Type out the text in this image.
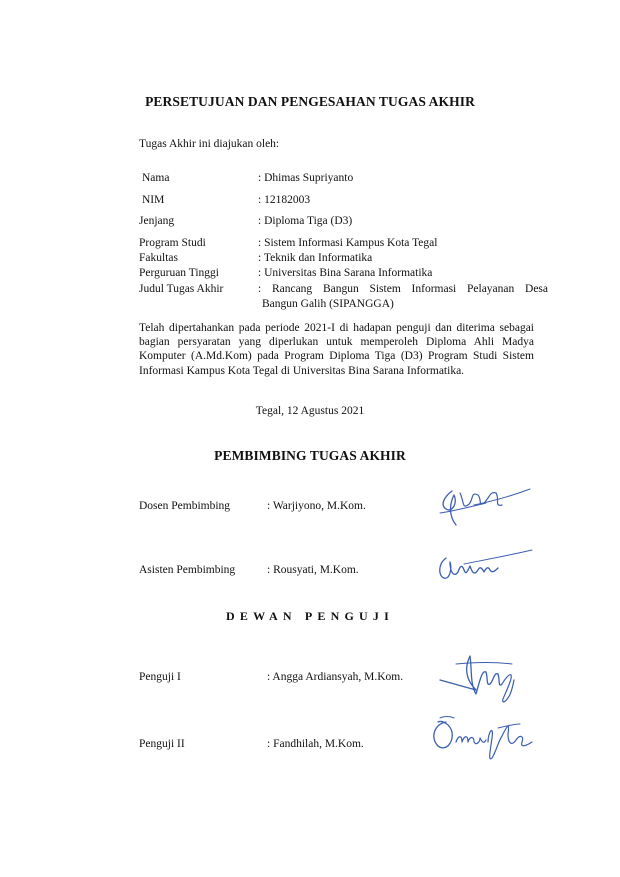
PERSETUJUAN DAN PENGESAHAN TUGAS AKHIR
Tugas Akhir ini diajukan oleh:
Nama	: Dhimas Supriyanto
NIM	: 12182003
Jenjang	: Diploma Tiga (D3)
Program Studi	: Sistem Informasi Kampus Kota Tegal
Fakultas	: Teknik dan Informatika
Perguruan Tinggi	: Universitas Bina Sarana Informatika
Judul Tugas Akhir	: Rancang Bangun Sistem Informasi Pelayanan Desa
Bangun Galih (SIPANGGA)
Telah dipertahankan pada periode 2021-I di hadapan penguji dan diterima sebagai bagian persyaratan yang diperlukan untuk memperoleh Diploma Ahli Madya Komputer (A.Md.Kom) pada Program Diploma Tiga (D3) Program Studi Sistem Informasi Kampus Kota Tegal di Universitas Bina Sarana Informatika.
Tegal, 12 Agustus 2021
PEMBIMBING TUGAS AKHIR
Dosen Pembimbing	: Warjiyono, M.Kom.
Asisten Pembimbing	: Rousyati, M.Kom.
DEWAN PENGUJI
Penguji I	: Angga Ardiansyah, M.Kom.
Penguji II	: Fandhilah, M.Kom.
